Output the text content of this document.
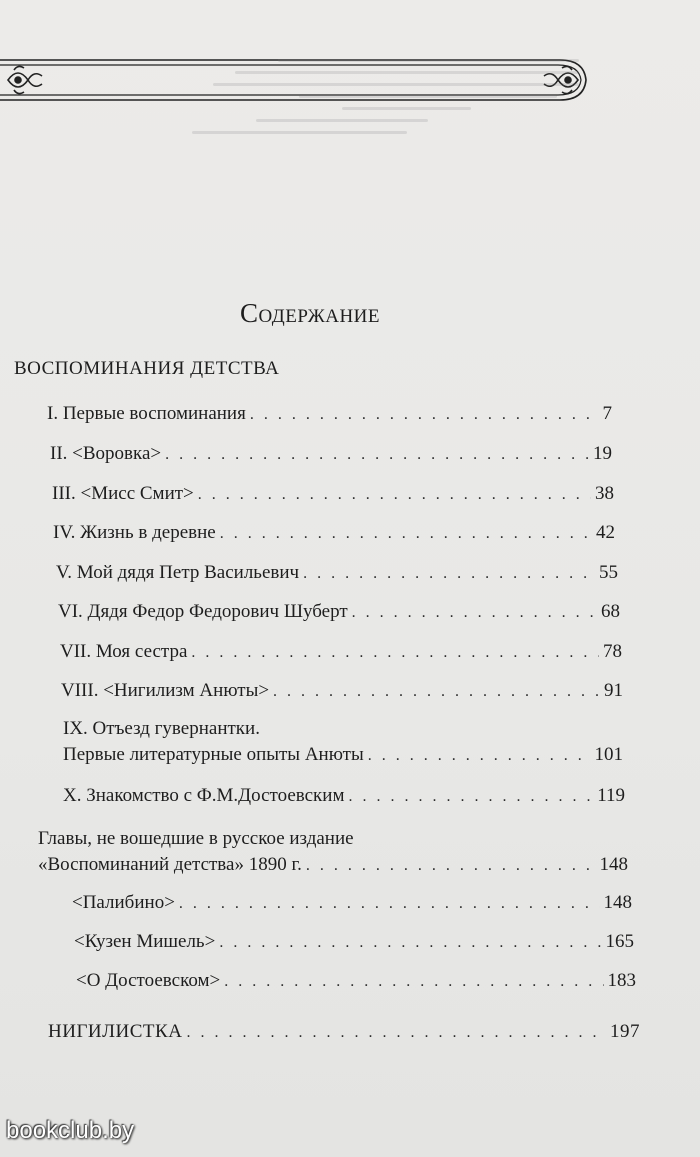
Содержание
ВОСПОМИНАНИЯ ДЕТСТВА
I. Первые воспоминания . . .	7
II. <Воровка> . . .	19
III. <Мисс Смит> . . .	38
IV. Жизнь в деревне . . .	42
V. Мой дядя Петр Васильевич . . .	55
VI. Дядя Федор Федорович Шуберт . . .	68
VII. Моя сестра . . .	78
VIII. <Нигилизм Анюты> . . .	91
IX. Отъезд гувернантки.
Первые литературные опыты Анюты . . .	101
X. Знакомство с Ф.М.Достоевским . . .	119
Главы, не вошедшие в русское издание
«Воспоминаний детства» 1890 г. . . .	148
<Палибино> . . .	148
<Кузен Мишель> . . .	165
<О Достоевском> . . .	183
НИГИЛИСТКА . . .	197
bookclub.by
